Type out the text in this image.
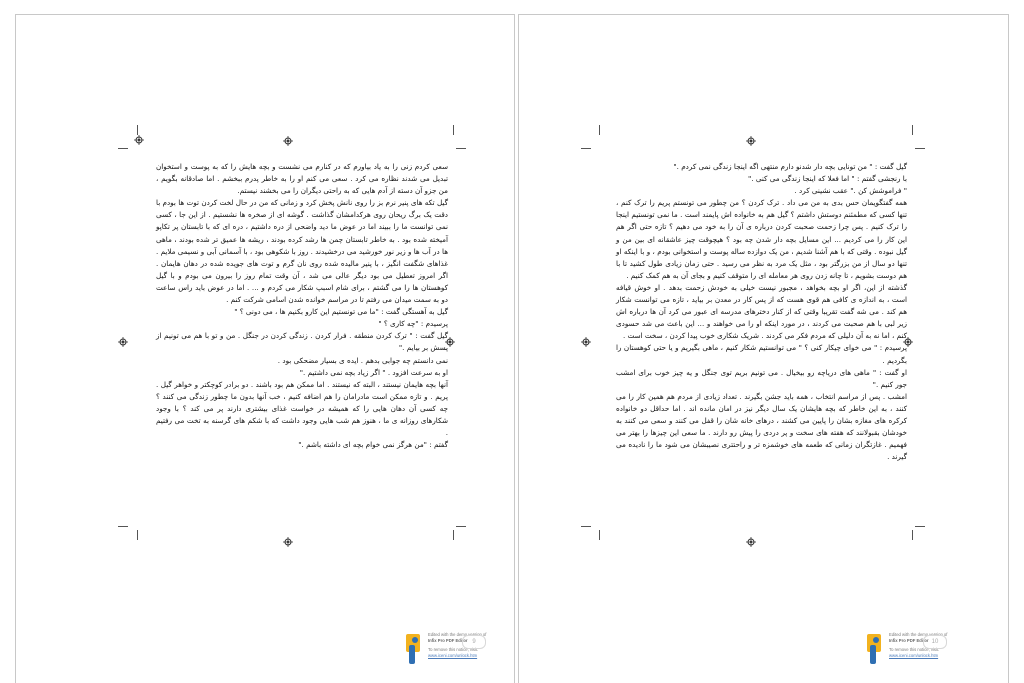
سعی کردم زنی را به یاد بیاورم که در کنارم می نشست و بچه هایش را که به پوست و استخوان تبدیل می شدند نظاره می کرد . سعی می کنم او را به خاطر پدرم ببخشم . اما صادقانه بگویم ، من جزو آن دسته از آدم هایی که به راحتی دیگران را می بخشند نیستم.

گیل تکه های پنیر نرم بز را روی نانش پخش کرد و زمانی که من در حال لخت کردن توت ها بودم با دقت یک برگ ریحان روی هرکدامشان گذاشت . گوشه ای از صخره ها نشستیم . از این جا ، کسی نمی توانست ما را ببیند اما در عوض ما دید واضحی از دره داشتیم ، دره ای که با تابستان پر تکاپو آمیخته شده بود . به خاطر تابستان چمن ها رشد کرده بودند ، ریشه ها عمیق تر شده بودند ، ماهی ها در آب ها و زیر نور خورشید می درخشیدند . روز با شکوهی بود ، با آسمانی آبی و نسیمی ملایم . غذاهای شگفت انگیز ، با پنیر مالیده شده روی نان گرم و توت های جویده شده در دهان هایمان . اگر امروز تعطیل می بود دیگر عالی می شد ، آن وقت تمام روز را بیرون می بودم و با گیل کوهستان ها را می گشتم ، برای شام اسبپ شکار می کردم و ... . اما در عوض باید راس ساعت دو به سمت میدان می رفتم تا در مراسم خوانده شدن اسامی شرکت کنم .

گیل به آهستگی گفت : "ما می تونستیم این کارو بکنیم ها ، می دونی ؟ "

پرسیدم : "چه کاری ؟ "

گیل گفت : " ترک کردن منطقه . فرار کردن . زندگی کردن در جنگل . من و تو با هم می تونیم از پسش بر بیایم ."

نمی دانستم چه جوابی بدهم . ایده ی بسیار مضحکی بود .

او به سرعت افزود . " اگر زیاد بچه نمی داشتیم ."

آنها بچه هایمان نیستند ، البته که نیستند . اما ممکن هم بود باشند . دو برادر کوچکتر و خواهر گیل . پریم . و تازه ممکن است مادرامان را هم اضافه کنیم ، خب آنها بدون ما چطور زندگی می کنند ؟ چه کسی آن دهان هایی را که همیشه در خواست غذای بیشتری دارند پر می کند ؟ با وجود شکارهای روزانه ی ما ، هنوز هم شب هایی وجود داشت که با شکم های گرسنه به تخت می رفتیم .

گفتم : "من هرگز نمی خوام بچه ای داشته باشم ."

Edited with the demo version of
Infix Pro PDF Editor
To remove this notice, visit:
www.iceni.com/unlock.htm
9

گیل گفت : " من تونایی بچه دار شدنو دارم منتهی اگه اینجا زندگی نمی کردم ."

با رنجشی گفتم : " اما فعلا که اینجا زندگی می کنی ."

" فراموشش کن ." عقب نشینی کرد .

همه گفتگویمان حس بدی به من می داد . ترک کردن ؟ من چطور می تونستم پریم را ترک کنم ، تنها کسی که مطمئنم دوستش داشتم ؟ گیل هم به خانواده اش پایمند است . ما نمی تونستیم اینجا را ترک کنیم . پس چرا زحمت صحبت کردن درباره ی آن را به خود می دهیم ؟ تازه حتی اگر هم این کار را می کردیم ... این مسایل بچه دار شدن چه بود ؟ هیچوقت چیز عاشقانه ای بین من و گیل نبوده . وقتی که با هم آشنا شدیم ، من یک دوازده ساله پوست و استخوانی بودم ، و با اینکه او تنها دو سال از من بزرگتر بود ، مثل یک مرد به نظر می رسید . حتی زمان زیادی طول کشید تا با هم دوست بشویم ، تا چانه زدن روی هر معامله ای را متوقف کنیم و بجای آن به هم کمک کنیم .

گذشته از این، اگر او بچه بخواهد ، مجبور نیست خیلی به خودش زحمت بدهد . او خوش قیافه است ، به اندازه ی کافی هم قوی هست که از پس کار در معدن بر بیاید ، تازه می توانست شکار هم کند . می شه گفت تقریبا وقتی که از کنار دخترهای مدرسه ای عبور می کرد آن ها درباره اش زیر لبی با هم صحبت می کردند ، در مورد اینکه او را می خواهند و ... این باعث می شد حسودی کنم ، اما نه به آن دلیلی که مردم فکر می کردند . شریک شکاری خوب پیدا کردن ، سخت است .

پرسیدم : " می خوای چیکار کنی ؟ " می توانستیم شکار کنیم ، ماهی بگیریم و یا حتی کوهستان را بگردیم .

او گفت : " ماهی های دریاچه رو بیخیال . می تونیم بریم توی جنگل و یه چیز خوب برای امشب جور کنیم ."

امشب . پس از مراسم انتخاب ، همه باید جشن بگیرند . تعداد زیادی از مردم هم همین کار را می کنند ، به این خاطر که بچه هایشان یک سال دیگر نیز در امان مانده اند . اما حداقل دو خانواده کرکره های مغازه بشان را پایین می کشند ، درهای خانه شان را قفل می کنند و سعی می کنند به خودشان بقبولانند که هفته های سخت و پر دردی را پیش رو دارند . ما سعی این چیزها را بهتر می فهمیم . غازتگران زمانی که طعمه های خوشمزه تر و راحتتری نصیبشان می شود ما را نادیده می گیرند .

Edited with the demo version of
Infix Pro PDF Editor
To remove this notice, visit:
www.iceni.com/unlock.htm
10
